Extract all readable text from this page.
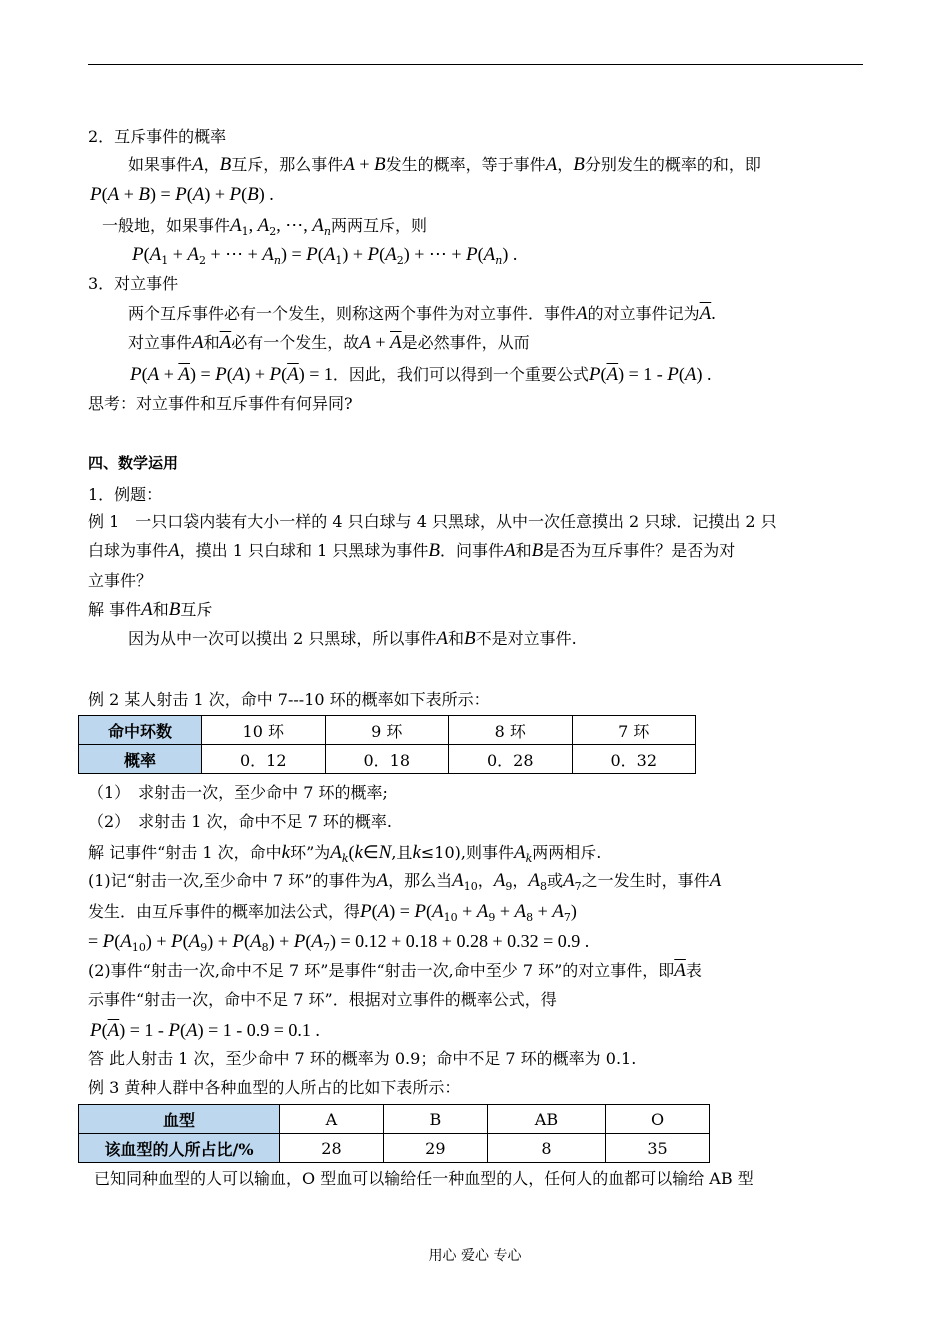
2．互斥事件的概率
如果事件A，B互斥，那么事件A + B发生的概率，等于事件A，B分别发生的概率的和，即
P(A + B) = P(A) + P(B) .
一般地，如果事件$A_1$, $A_2$, ⋯, $A_n$两两互斥，则
$P(A_1 + A_2$ + ⋯ + $A_n) = P(A_1) + P(A_2)$ + ⋯ + $P(A_n)$ .
3．对立事件
两个互斥事件必有一个发生，则称这两个事件为对立事件．事件A的对立事件记为$\overline{A}$.
对立事件A和$\overline{A}$必有一个发生，故$A + \overline{A}$是必然事件，从而
$P(A + \overline{A}) = P(A) + P(\overline{A}) = 1$．因此，我们可以得到一个重要公式$P(\overline{A}) = 1 - P(A)$ .
思考：对立事件和互斥事件有何异同?
四、数学运用
1．例题：
例 1　一只口袋内装有大小一样的 4 只白球与 4 只黑球，从中一次任意摸出 2 只球．记摸出 2 只
白球为事件A，摸出 1 只白球和 1 只黑球为事件B．问事件A和B是否为互斥事件？是否为对
立事件？
解 事件A和B互斥
因为从中一次可以摸出 2 只黑球，所以事件A和B不是对立事件.
例 2 某人射击 1 次，命中 7---10 环的概率如下表所示：
命中环数	10 环	9 环	8 环	7 环
概率	0．12	0．18	0．28	0．32
（1）　求射击一次，至少命中 7 环的概率;
（2）　求射击 1 次，命中不足 7 环的概率.
解 记事件“射击 1 次，命中k环”为$A_k(k\in N$,且k≤10),则事件$A_k$两两相斥.
(1)记“射击一次,至少命中 7 环”的事件为A，那么当$A_{10}$，$A_9$，$A_8$或$A_7$之一发生时，事件A
发生．由互斥事件的概率加法公式，得$P(A) = P(A_{10} + A_9 + A_8 + A_7)$
= $P(A_{10}) + P(A_9) + P(A_8) + P(A_7) = 0.12 + 0.18 + 0.28 + 0.32 = 0.9$ .
(2)事件“射击一次,命中不足 7 环”是事件“射击一次,命中至少 7 环”的对立事件，即$\overline{A}$表
示事件“射击一次，命中不足 7 环”．根据对立事件的概率公式，得
$P(\overline{A}) = 1 - P(A) = 1 - 0.9 = 0.1$ .
答 此人射击 1 次，至少命中 7 环的概率为 0.9；命中不足 7 环的概率为 0.1.
例 3 黄种人群中各种血型的人所占的比如下表所示：
血型	A	B	AB	O
该血型的人所占比/%	28	29	8	35
已知同种血型的人可以输血，O 型血可以输给任一种血型的人，任何人的血都可以输给 AB 型
用心 爱心 专心
